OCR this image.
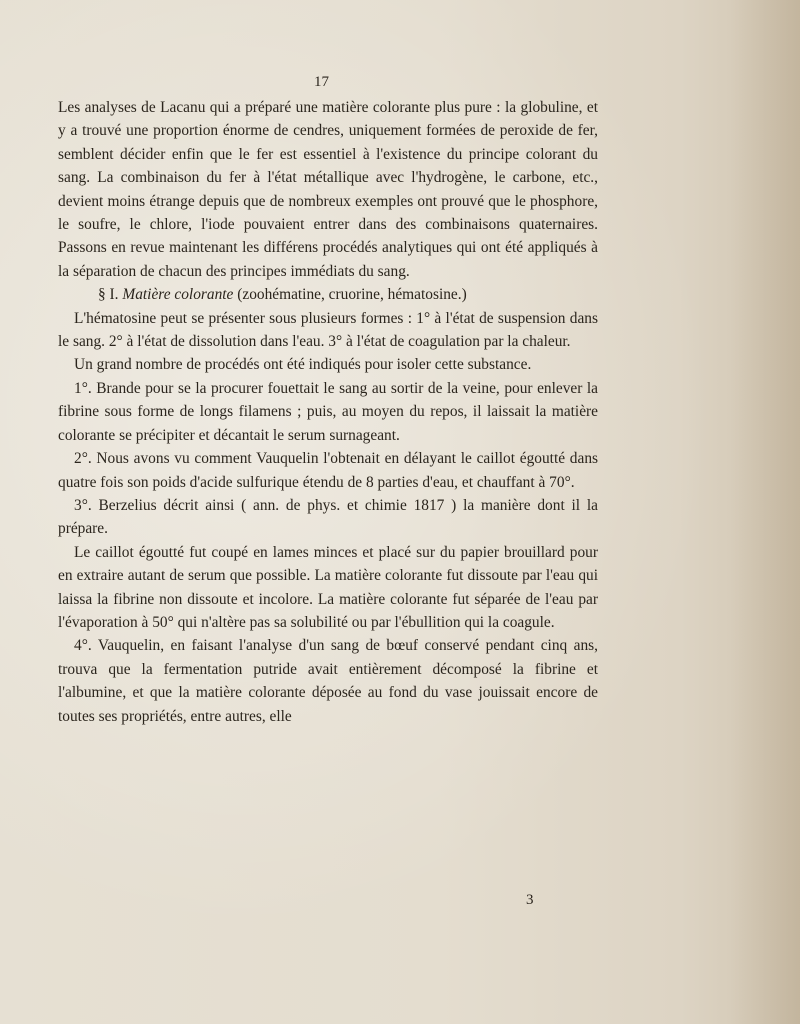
17

Les analyses de Lacanu qui a préparé une matière colorante plus pure : la globuline, et y a trouvé une proportion énorme de cendres, uniquement formées de peroxide de fer, semblent décider enfin que le fer est essentiel à l'existence du principe colorant du sang. La combinaison du fer à l'état métallique avec l'hydrogène, le carbone, etc., devient moins étrange depuis que de nombreux exemples ont prouvé que le phosphore, le soufre, le chlore, l'iode pouvaient entrer dans des combinaisons quaternaires. Passons en revue maintenant les différens procédés analytiques qui ont été appliqués à la séparation de chacun des principes immédiats du sang.

§ I. Matière colorante (zoohématine, cruorine, hématosine.)

L'hématosine peut se présenter sous plusieurs formes : 1° à l'état de suspension dans le sang. 2° à l'état de dissolution dans l'eau. 3° à l'état de coagulation par la chaleur.

Un grand nombre de procédés ont été indiqués pour isoler cette substance.

1°. Brande pour se la procurer fouettait le sang au sortir de la veine, pour enlever la fibrine sous forme de longs filamens ; puis, au moyen du repos, il laissait la matière colorante se précipiter et décantait le serum surnageant.

2°. Nous avons vu comment Vauquelin l'obtenait en délayant le caillot égoutté dans quatre fois son poids d'acide sulfurique étendu de 8 parties d'eau, et chauffant à 70°.

3°. Berzelius décrit ainsi ( ann. de phys. et chimie 1817 ) la manière dont il la prépare.

Le caillot égoutté fut coupé en lames minces et placé sur du papier brouillard pour en extraire autant de serum que possible. La matière colorante fut dissoute par l'eau qui laissa la fibrine non dissoute et incolore. La matière colorante fut séparée de l'eau par l'évaporation à 50° qui n'altère pas sa solubilité ou par l'ébullition qui la coagule.

4°. Vauquelin, en faisant l'analyse d'un sang de bœuf conservé pendant cinq ans, trouva que la fermentation putride avait entièrement décomposé la fibrine et l'albumine, et que la matière colorante déposée au fond du vase jouissait encore de toutes ses propriétés, entre autres, elle

3
